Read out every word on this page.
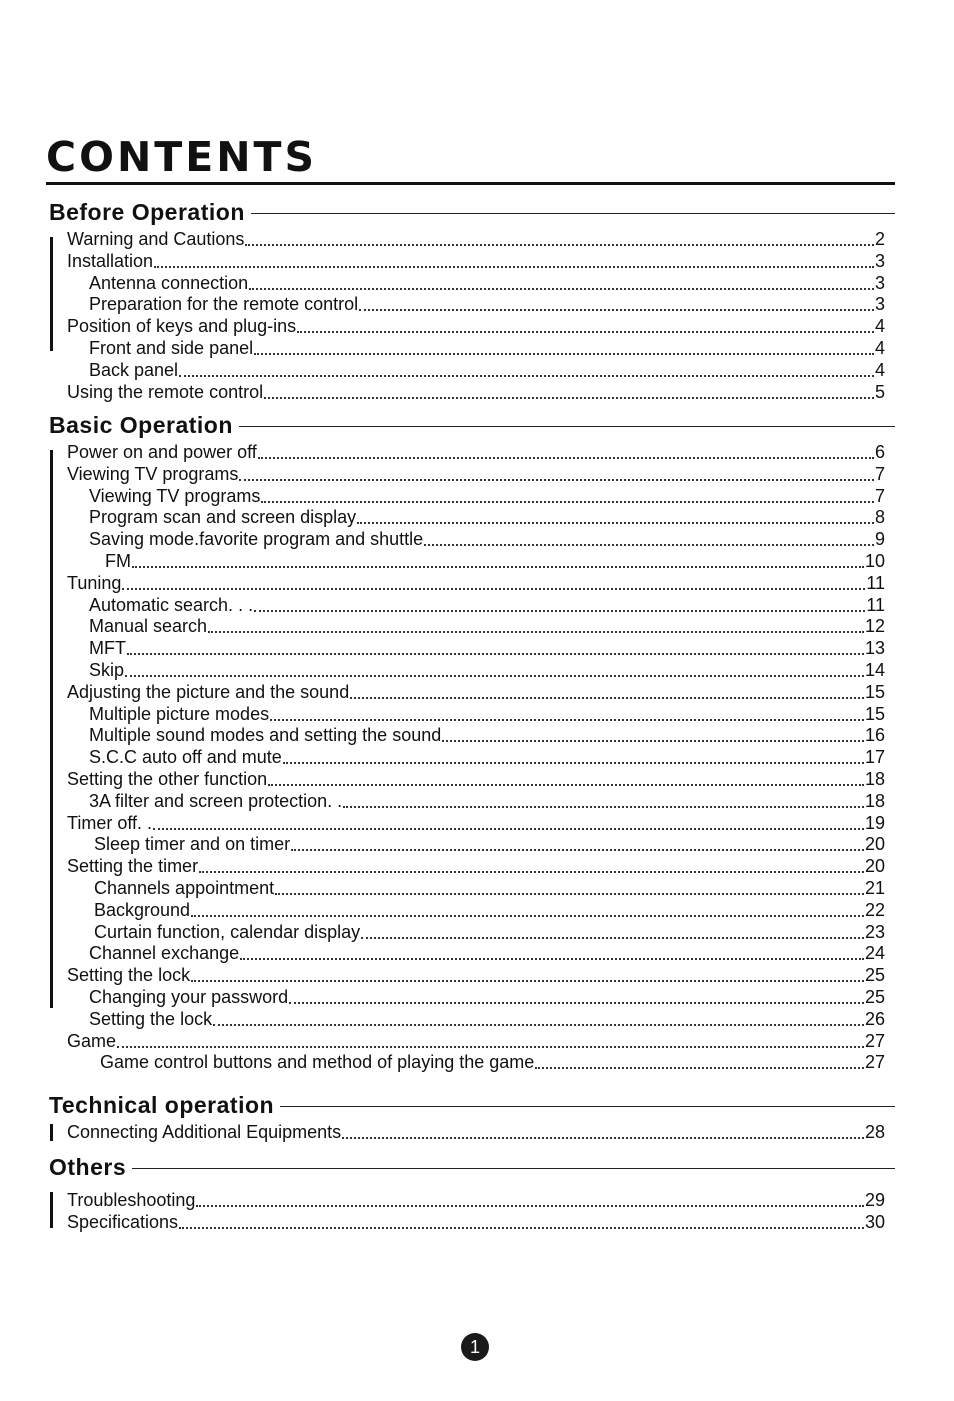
CONTENTS
Before Operation
Warning and Cautions	2
Installation	3
Antenna connection	3
Preparation for the remote control	3
Position of keys and plug-ins	4
Front and side panel	4
Back panel	4
Using the remote control	5
Basic Operation
Power on and power off	6
Viewing TV programs	7
Viewing TV programs	7
Program scan and screen display	8
Saving mode.favorite program and shuttle	9
FM	10
Tuning	11
Automatic search. . .	11
Manual search	12
MFT	13
Skip	14
Adjusting the picture and the sound	15
Multiple picture modes	15
Multiple sound modes and setting the sound	16
S.C.C auto off and mute	17
Setting the other function	18
3A filter and screen protection. .	18
Timer off. .	19
Sleep timer and on timer	20
Setting the timer	20
Channels appointment	21
Background	22
Curtain function, calendar display	23
Channel exchange	24
Setting the lock	25
Changing your password	25
Setting the lock	26
Game	27
Game control buttons and method of playing the game	27
Technical operation
Connecting Additional Equipments	28
Others
Troubleshooting	29
Specifications	30
1
